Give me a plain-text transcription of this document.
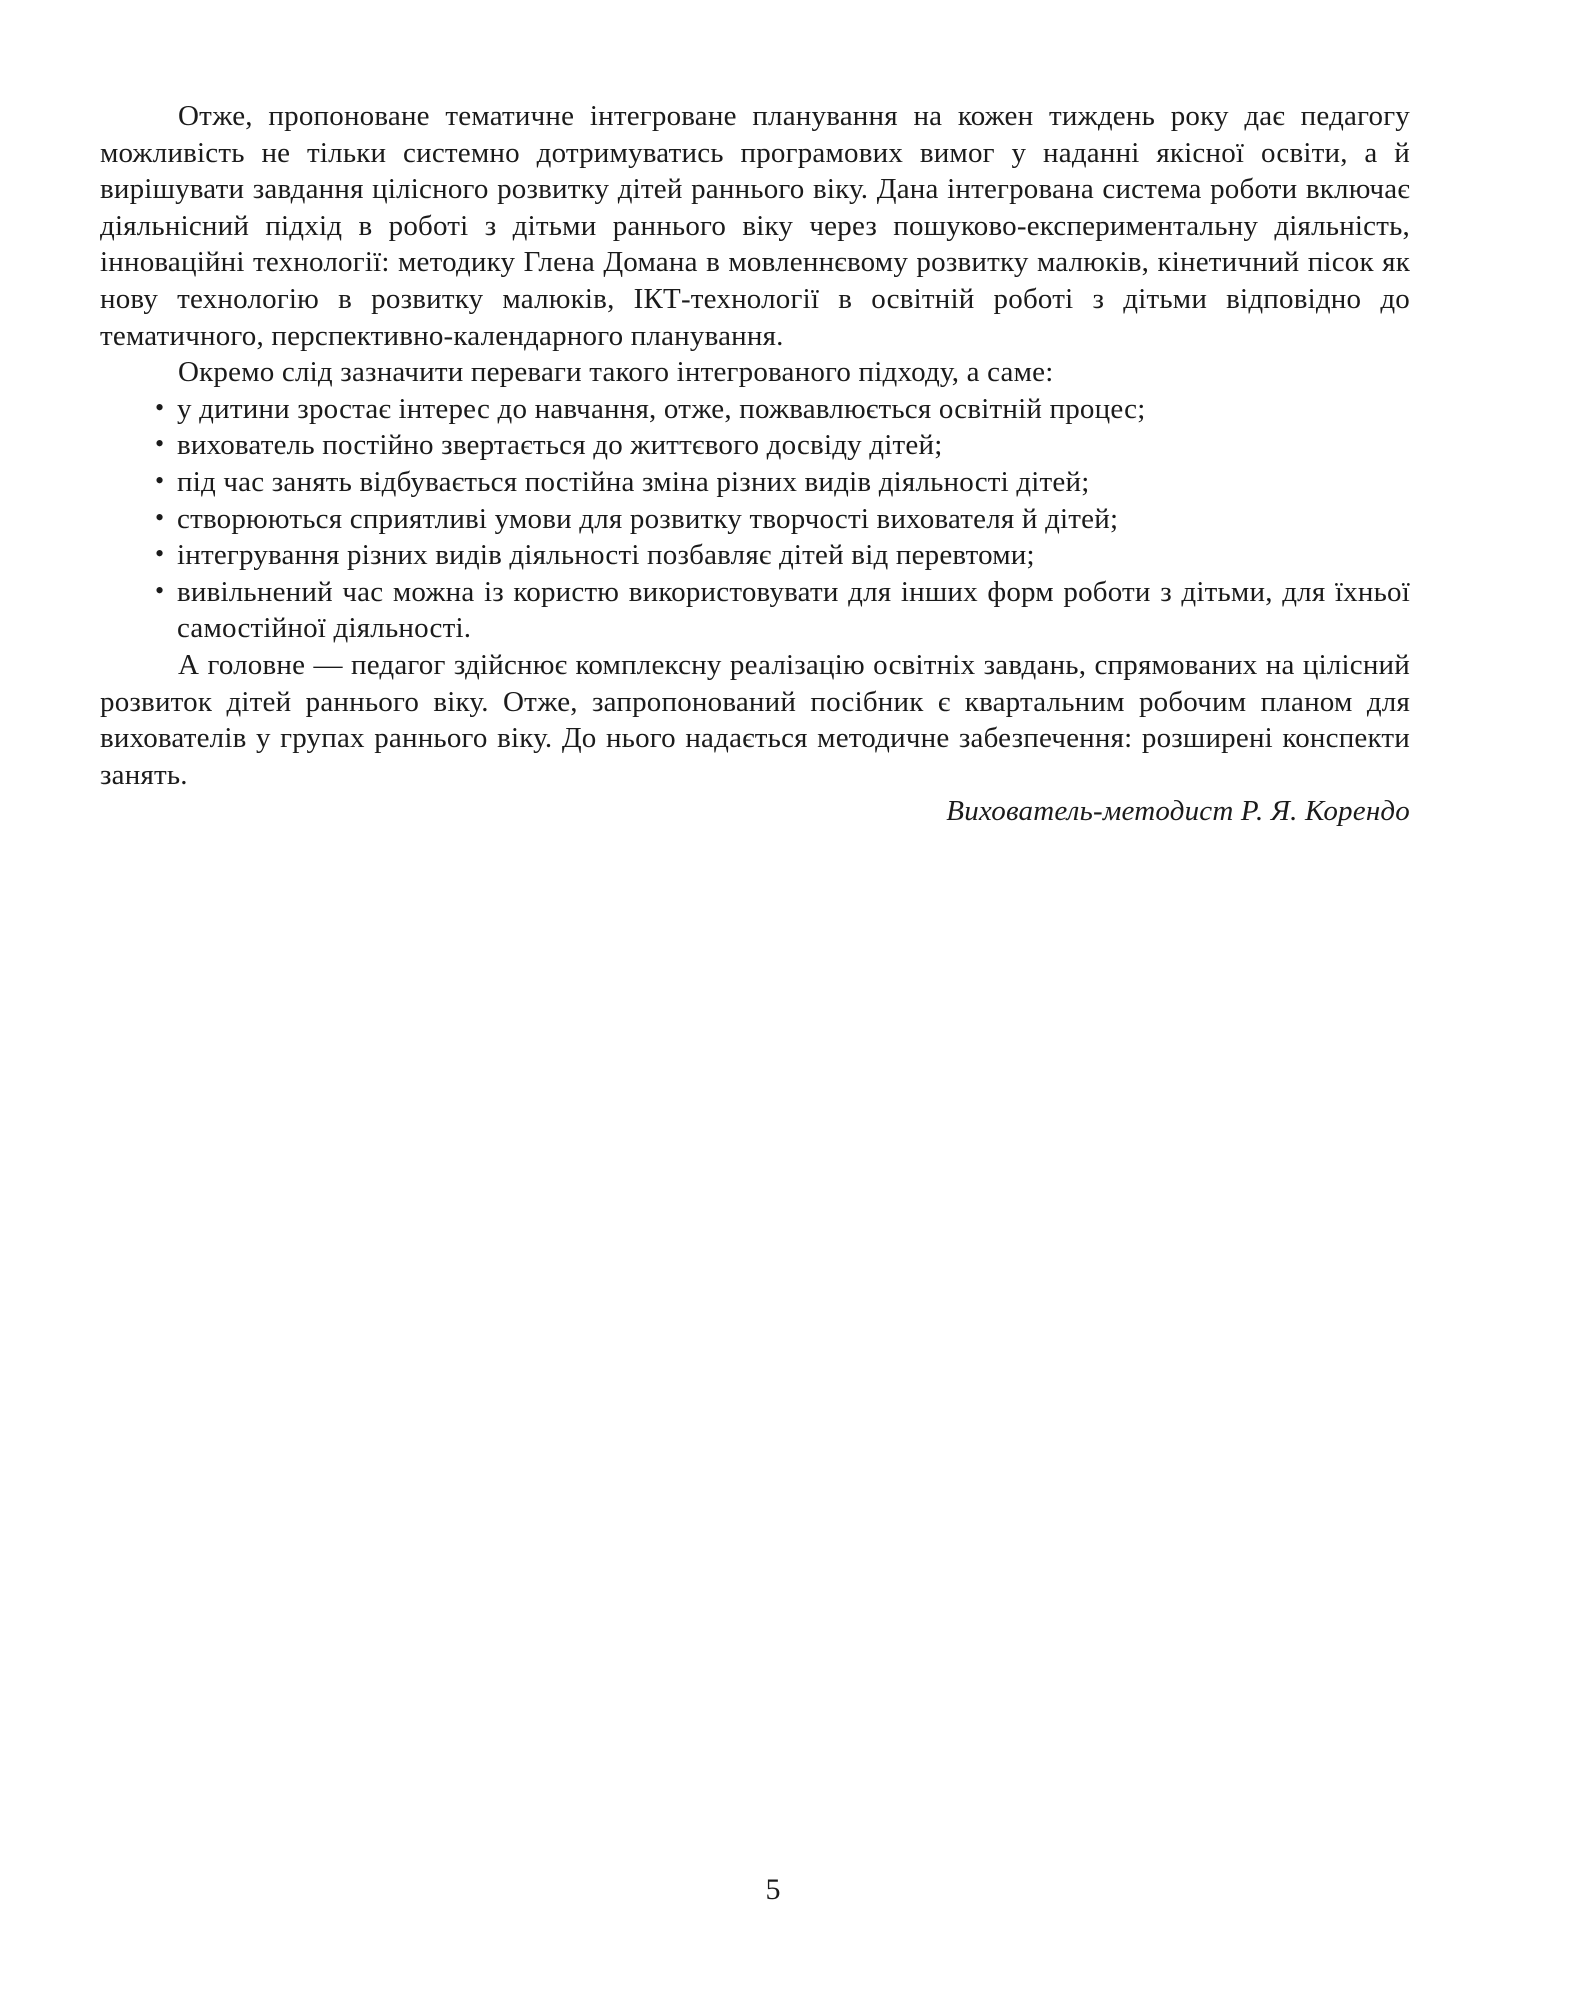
Отже, пропоноване тематичне інтегроване планування на кожен тиждень року дає педагогу можливість не тільки системно дотримуватись програмових вимог у наданні якісної освіти, а й вирішувати завдання цілісного розвитку дітей раннього віку. Дана інтегрована система роботи включає діяльнісний підхід в роботі з дітьми раннього віку через пошуково-експериментальну діяльність, інноваційні технології: методику Глена Домана в мовленнєвому розвитку малюків, кінетичний пісок як нову технологію в розвитку малюків, ІКТ-технології в освітній роботі з дітьми відповідно до тематичного, перспективно-календарного планування.

Окремо слід зазначити переваги такого інтегрованого підходу, а саме:

• у дитини зростає інтерес до навчання, отже, пожвавлюється освітній процес;
• вихователь постійно звертається до життєвого досвіду дітей;
• під час занять відбувається постійна зміна різних видів діяльності дітей;
• створюються сприятливі умови для розвитку творчості вихователя й дітей;
• інтегрування різних видів діяльності позбавляє дітей від перевтоми;
• вивільнений час можна із користю використовувати для інших форм роботи з дітьми, для їхньої самостійної діяльності.

А головне — педагог здійснює комплексну реалізацію освітніх завдань, спрямованих на цілісний розвиток дітей раннього віку. Отже, запропонований посібник є квартальним робочим планом для вихователів у групах раннього віку. До нього надається методичне забезпечення: розширені конспекти занять.

Вихователь-методист Р. Я. Корендо

5
